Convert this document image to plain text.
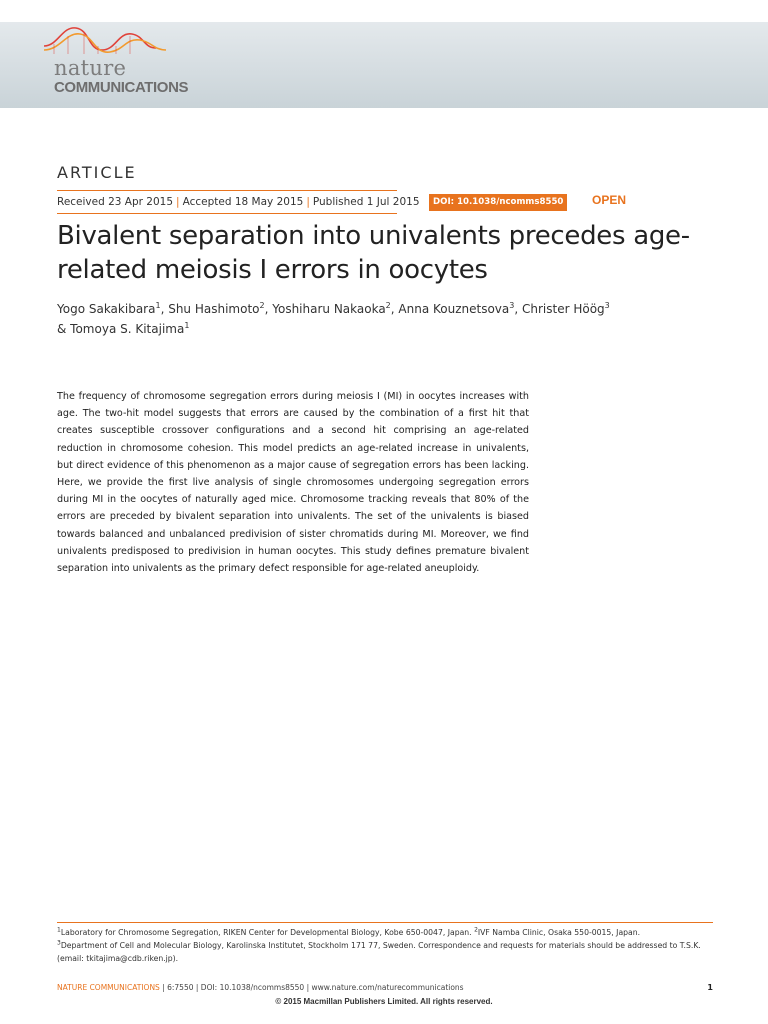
nature
COMMUNICATIONS
ARTICLE
Received 23 Apr 2015 | Accepted 18 May 2015 | Published 1 Jul 2015	DOI: 10.1038/ncomms8550	OPEN
Bivalent separation into univalents precedes age-related meiosis I errors in oocytes
Yogo Sakakibara$^1$, Shu Hashimoto$^2$, Yoshiharu Nakaoka$^2$, Anna Kouznetsova$^3$, Christer Höög$^3$
& Tomoya S. Kitajima$^1$

The frequency of chromosome segregation errors during meiosis I (MI) in oocytes increases with age. The two-hit model suggests that errors are caused by the combination of a first hit that creates susceptible crossover configurations and a second hit comprising an age-related reduction in chromosome cohesion. This model predicts an age-related increase in univalents, but direct evidence of this phenomenon as a major cause of segregation errors has been lacking. Here, we provide the first live analysis of single chromosomes undergoing segregation errors during MI in the oocytes of naturally aged mice. Chromosome tracking reveals that 80% of the errors are preceded by bivalent separation into univalents. The set of the univalents is biased towards balanced and unbalanced predivision of sister chromatids during MI. Moreover, we find univalents predisposed to predivision in human oocytes. This study defines premature bivalent separation into univalents as the primary defect responsible for age-related aneuploidy.

$^1$Laboratory for Chromosome Segregation, RIKEN Center for Developmental Biology, Kobe 650-0047, Japan. $^2$IVF Namba Clinic, Osaka 550-0015, Japan.
$^3$Department of Cell and Molecular Biology, Karolinska Institutet, Stockholm 171 77, Sweden. Correspondence and requests for materials should be addressed to T.S.K. (email: tkitajima@cdb.riken.jp).
NATURE COMMUNICATIONS | 6:7550 | DOI: 10.1038/ncomms8550 | www.nature.com/naturecommunications	1
© 2015 Macmillan Publishers Limited. All rights reserved.
